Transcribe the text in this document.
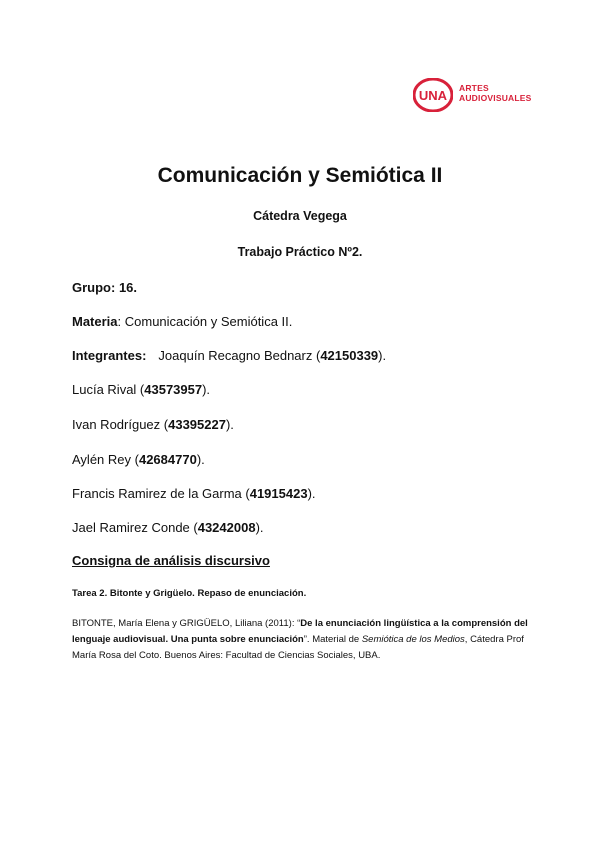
UNA ARTES
AUDIOVISUALES
Comunicación y Semiótica II
Cátedra Vegega
Trabajo Práctico Nº2.
Grupo: 16.
Materia: Comunicación y Semiótica II.
Integrantes: Joaquín Recagno Bednarz (42150339).
Lucía Rival (43573957).
Ivan Rodríguez (43395227).
Aylén Rey (42684770).
Francis Ramirez de la Garma (41915423).
Jael Ramirez Conde (43242008).
Consigna de análisis discursivo
Tarea 2. Bitonte y Grigüelo. Repaso de enunciación.
BITONTE, María Elena y GRIGÜELO, Liliana (2011): “De la enunciación lingüística a la comprensión del lenguaje audiovisual. Una punta sobre enunciación”. Material de Semiótica de los Medios, Cátedra Prof María Rosa del Coto. Buenos Aires: Facultad de Ciencias Sociales, UBA.
